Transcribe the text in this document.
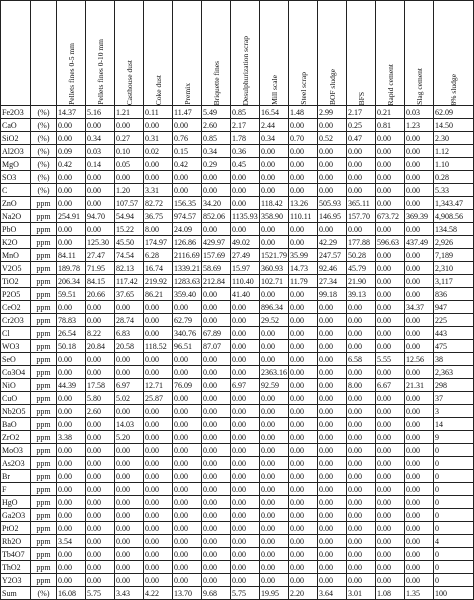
		Pellets fines 0-5 mm	Pellets fines 0-10 mm	Casthouse dust	Coke dust	Premix	Briquette fines	Desulphurization scrap	Mill scale	Steel scrap	BOF sludge	BFS	Rapid cement	Slag cement	8% sludge

Fe2O3	(%)	14.37	5.16	1.21	0.11	11.47	5.49	0.85	16.54	1.48	2.99	2.17	0.21	0.03	62.09
CaO	(%)	0.00	0.00	0.00	0.00	0.00	2.60	2.17	2.44	0.00	0.00	0.25	0.81	1.23	14.50
SiO2	(%)	0.00	0.34	0.27	0.31	0.76	0.85	1.78	0.34	0.70	0.52	0.47	0.00	0.00	2.30
Al2O3	(%)	0.09	0.03	0.10	0.02	0.15	0.34	0.36	0.00	0.00	0.00	0.00	0.00	0.00	1.12
MgO	(%)	0.42	0.14	0.05	0.00	0.42	0.29	0.45	0.00	0.00	0.00	0.00	0.00	0.00	1.10
SO3	(%)	0.00	0.00	0.00	0.00	0.00	0.00	0.00	0.00	0.00	0.00	0.00	0.00	0.00	0.28
C	(%)	0.00	0.00	1.20	3.31	0.00	0.00	0.00	0.00	0.00	0.00	0.00	0.00	0.00	5.33
ZnO	ppm	0.00	0.00	107.57	82.72	156.35	34.20	0.00	118.42	13.26	505.93	365.11	0.00	0.00	1,343.47
Na2O	ppm	254.91	94.70	54.94	36.75	974.57	852.06	1135.93	358.90	110.11	146.95	157.70	673.72	369.39	4,908.56
PbO	ppm	0.00	0.00	15.22	8.00	24.09	0.00	0.00	0.00	0.00	0.00	0.00	0.00	0.00	134.58
K2O	ppm	0.00	125.30	45.50	174.97	126.86	429.97	49.02	0.00	0.00	42.29	177.88	596.63	437.49	2,926
MnO	ppm	84.11	27.47	74.54	6.28	2116.69	157.69	27.49	1521.79	35.99	247.57	50.28	0.00	0.00	7,189
V2O5	ppm	189.78	71.95	82.13	16.74	1339.21	58.69	15.97	360.93	14.73	92.46	45.79	0.00	0.00	2,310
TiO2	ppm	206.34	84.15	117.42	219.92	1283.63	212.84	110.40	102.71	11.79	27.34	21.90	0.00	0.00	3,117
P2O5	ppm	59.51	20.66	37.65	86.21	359.40	0.00	41.40	0.00	0.00	99.18	39.13	0.00	0.00	836
CeO2	ppm	0.00	0.00	0.00	0.00	0.00	0.00	0.00	896.34	0.00	0.00	0.00	0.00	34.37	947
Cr2O3	ppm	78.83	0.00	28.74	0.00	62.79	0.00	0.00	29.52	0.00	0.00	0.00	0.00	0.00	225
Cl	ppm	26.54	8.22	6.83	0.00	340.76	67.89	0.00	0.00	0.00	0.00	0.00	0.00	0.00	443
WO3	ppm	50.18	20.84	20.58	118.52	96.51	87.07	0.00	0.00	0.00	0.00	0.00	0.00	0.00	475
SeO	ppm	0.00	0.00	0.00	0.00	0.00	0.00	0.00	0.00	0.00	0.00	6.58	5.55	12.56	38
Co3O4	ppm	0.00	0.00	0.00	0.00	0.00	0.00	0.00	2363.16	0.00	0.00	0.00	0.00	0.00	2,363
NiO	ppm	44.39	17.58	6.97	12.71	76.09	0.00	6.97	92.59	0.00	0.00	8.00	6.67	21.31	298
CuO	ppm	0.00	5.80	5.02	25.87	0.00	0.00	0.00	0.00	0.00	0.00	0.00	0.00	0.00	37
Nb2O5	ppm	0.00	2.60	0.00	0.00	0.00	0.00	0.00	0.00	0.00	0.00	0.00	0.00	0.00	3
BaO	ppm	0.00	0.00	14.03	0.00	0.00	0.00	0.00	0.00	0.00	0.00	0.00	0.00	0.00	14
ZrO2	ppm	3.38	0.00	5.20	0.00	0.00	0.00	0.00	0.00	0.00	0.00	0.00	0.00	0.00	9
MoO3	ppm	0.00	0.00	0.00	0.00	0.00	0.00	0.00	0.00	0.00	0.00	0.00	0.00	0.00	0
As2O3	ppm	0.00	0.00	0.00	0.00	0.00	0.00	0.00	0.00	0.00	0.00	0.00	0.00	0.00	0
Br	ppm	0.00	0.00	0.00	0.00	0.00	0.00	0.00	0.00	0.00	0.00	0.00	0.00	0.00	0
F	ppm	0.00	0.00	0.00	0.00	0.00	0.00	0.00	0.00	0.00	0.00	0.00	0.00	0.00	0
HgO	ppm	0.00	0.00	0.00	0.00	0.00	0.00	0.00	0.00	0.00	0.00	0.00	0.00	0.00	0
Ga2O3	ppm	0.00	0.00	0.00	0.00	0.00	0.00	0.00	0.00	0.00	0.00	0.00	0.00	0.00	0
PtO2	ppm	0.00	0.00	0.00	0.00	0.00	0.00	0.00	0.00	0.00	0.00	0.00	0.00	0.00	0
Rb2O	ppm	3.54	0.00	0.00	0.00	0.00	0.00	0.00	0.00	0.00	0.00	0.00	0.00	0.00	4
Tb4O7	ppm	0.00	0.00	0.00	0.00	0.00	0.00	0.00	0.00	0.00	0.00	0.00	0.00	0.00	0
ThO2	ppm	0.00	0.00	0.00	0.00	0.00	0.00	0.00	0.00	0.00	0.00	0.00	0.00	0.00	0
Y2O3	ppm	0.00	0.00	0.00	0.00	0.00	0.00	0.00	0.00	0.00	0.00	0.00	0.00	0.00	0
Sum	(%)	16.08	5.75	3.43	4.22	13.70	9.68	5.75	19.95	2.20	3.64	3.01	1.08	1.35	100
